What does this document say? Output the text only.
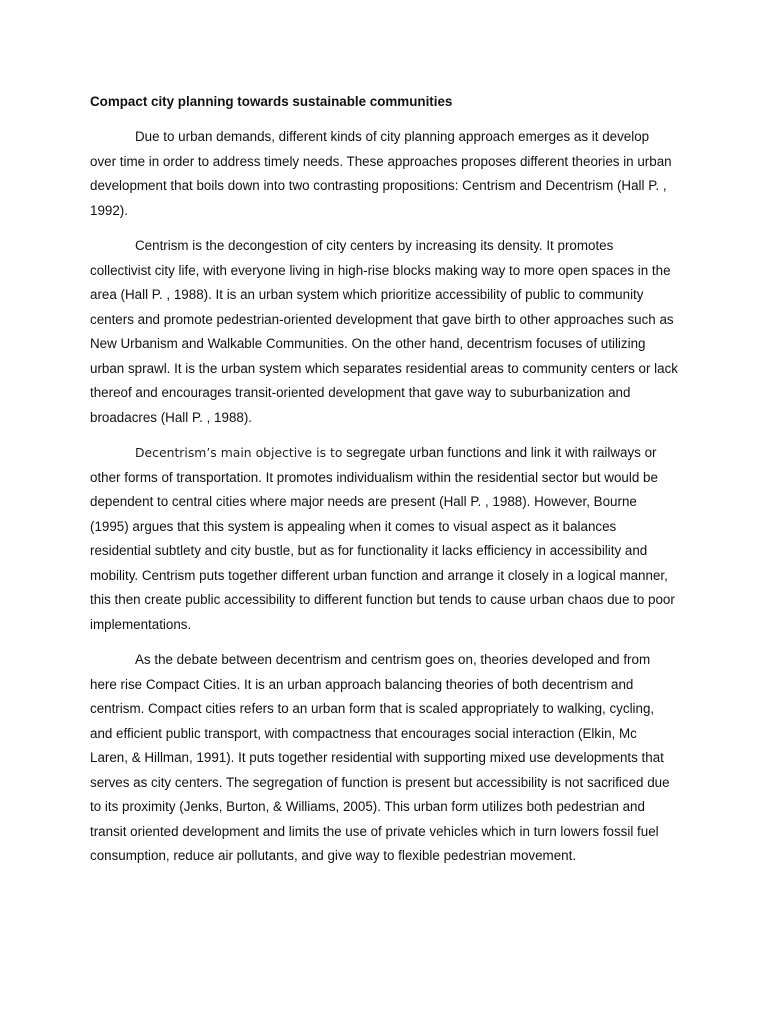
Compact city planning towards sustainable communities

Due to urban demands, different kinds of city planning approach emerges as it develop over time in order to address timely needs. These approaches proposes different theories in urban development that boils down into two contrasting propositions: Centrism and Decentrism (Hall P. , 1992).

Centrism is the decongestion of city centers by increasing its density. It promotes collectivist city life, with everyone living in high-rise blocks making way to more open spaces in the area (Hall P. , 1988). It is an urban system which prioritize accessibility of public to community centers and promote pedestrian-oriented development that gave birth to other approaches such as New Urbanism and Walkable Communities. On the other hand, decentrism focuses of utilizing urban sprawl. It is the urban system which separates residential areas to community centers or lack thereof and encourages transit-oriented development that gave way to suburbanization and broadacres (Hall P. , 1988).

Decentrism’s main objective is to segregate urban functions and link it with railways or other forms of transportation. It promotes individualism within the residential sector but would be dependent to central cities where major needs are present (Hall P. , 1988). However, Bourne (1995) argues that this system is appealing when it comes to visual aspect as it balances residential subtlety and city bustle, but as for functionality it lacks efficiency in accessibility and mobility. Centrism puts together different urban function and arrange it closely in a logical manner, this then create public accessibility to different function but tends to cause urban chaos due to poor implementations.

As the debate between decentrism and centrism goes on, theories developed and from here rise Compact Cities. It is an urban approach balancing theories of both decentrism and centrism. Compact cities refers to an urban form that is scaled appropriately to walking, cycling, and efficient public transport, with compactness that encourages social interaction (Elkin, Mc Laren, & Hillman, 1991). It puts together residential with supporting mixed use developments that serves as city centers. The segregation of function is present but accessibility is not sacrificed due to its proximity (Jenks, Burton, & Williams, 2005). This urban form utilizes both pedestrian and transit oriented development and limits the use of private vehicles which in turn lowers fossil fuel consumption, reduce air pollutants, and give way to flexible pedestrian movement.
